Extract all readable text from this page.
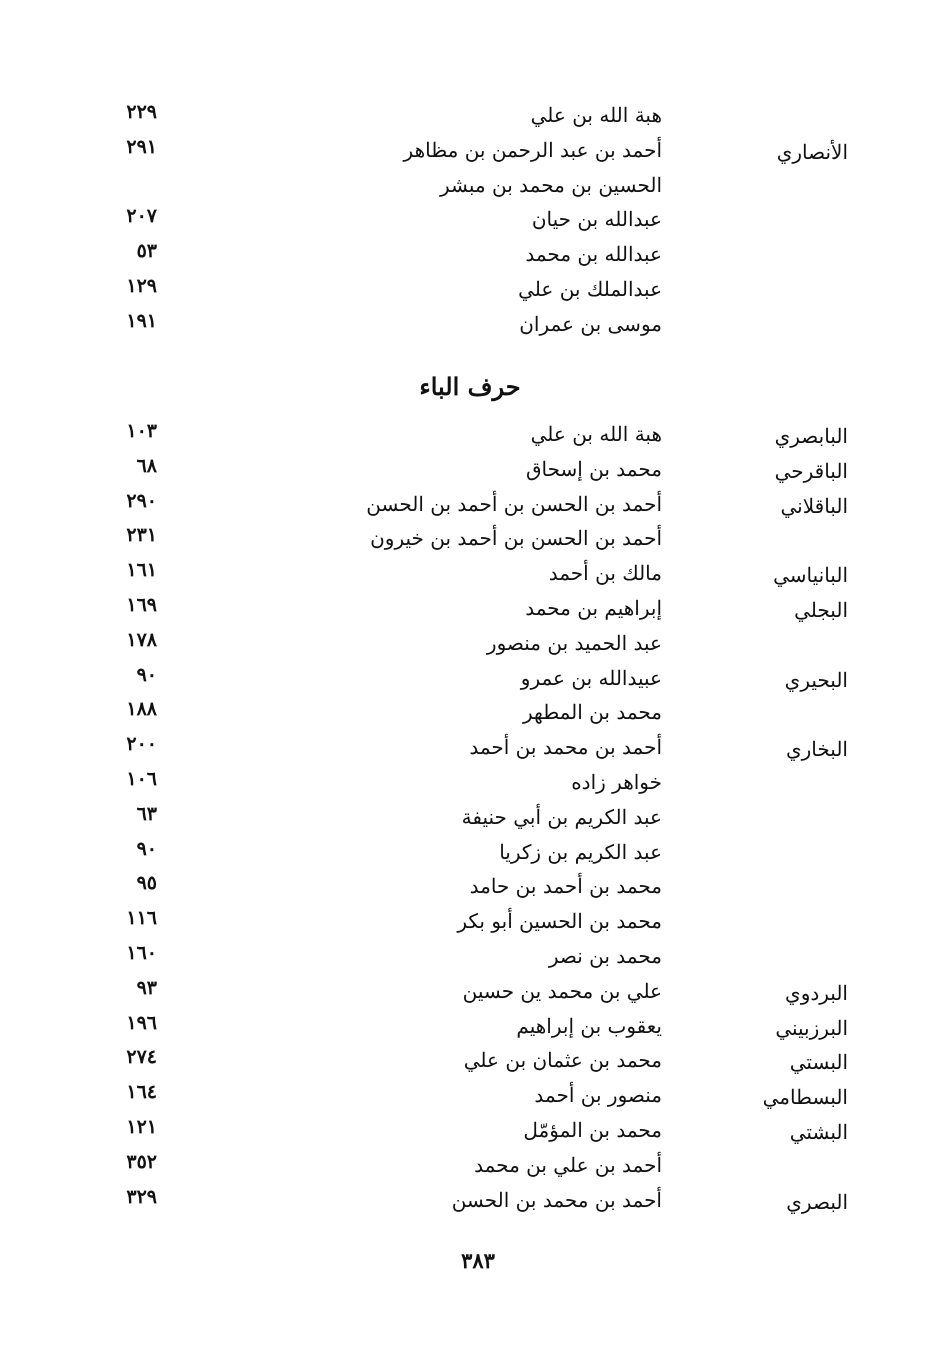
هبة الله بن علي
٢٢٩
الأنصاري
أحمد بن عبد الرحمن بن مظاهر
٢٩١
الحسين بن محمد بن مبشر
عبدالله بن حيان
٢٠٧
عبدالله بن محمد
٥٣
عبدالملك بن علي
١٢٩
موسى بن عمران
١٩١
حرف الباء
البابصري
هبة الله بن علي
١٠٣
الباقرحي
محمد بن إسحاق
٦٨
الباقلاني
أحمد بن الحسن بن أحمد بن الحسن
٢٩٠
أحمد بن الحسن بن أحمد بن خيرون
٢٣١
البانياسي
مالك بن أحمد
١٦١
البجلي
إبراهيم بن محمد
١٦٩
عبد الحميد بن منصور
١٧٨
البحيري
عبيدالله بن عمرو
٩٠
محمد بن المطهر
١٨٨
البخاري
أحمد بن محمد بن أحمد
٢٠٠
خواهر زاده
١٠٦
عبد الكريم بن أبي حنيفة
٦٣
عبد الكريم بن زكريا
٩٠
محمد بن أحمد بن حامد
٩٥
محمد بن الحسين أبو بكر
١١٦
محمد بن نصر
١٦٠
البردوي
علي بن محمد ين حسين
٩٣
البرزبيني
يعقوب بن إبراهيم
١٩٦
البستي
محمد بن عثمان بن علي
٢٧٤
البسطامي
منصور بن أحمد
١٦٤
البشتي
محمد بن المؤمّل
١٢١
أحمد بن علي بن محمد
٣٥٢
البصري
أحمد بن محمد بن الحسن
٣٢٩
٣٨٣
